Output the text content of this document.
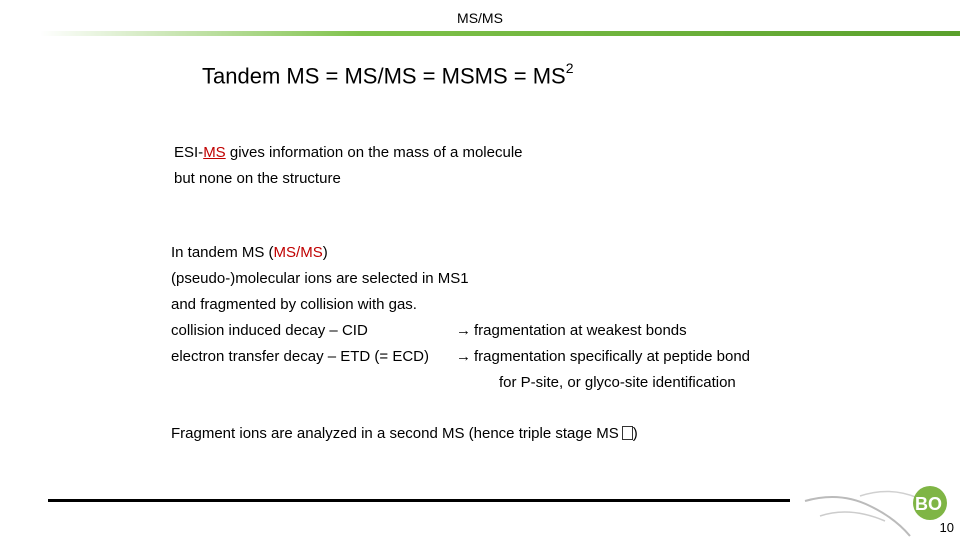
MS/MS
Tandem MS = MS/MS = MSMS = $MS^2$
ESI-MS gives information on the mass of a molecule
but none on the structure
In tandem MS (MS/MS)
(pseudo-)molecular ions are selected in MS1
and fragmented by collision with gas.
collision induced decay – CID	→ fragmentation at weakest bonds
electron transfer decay – ETD (= ECD) → fragmentation specifically at peptide bond
for P-site, or glyco-site identification
Fragment ions are analyzed in a second MS (hence triple stage MS )
BO
10
